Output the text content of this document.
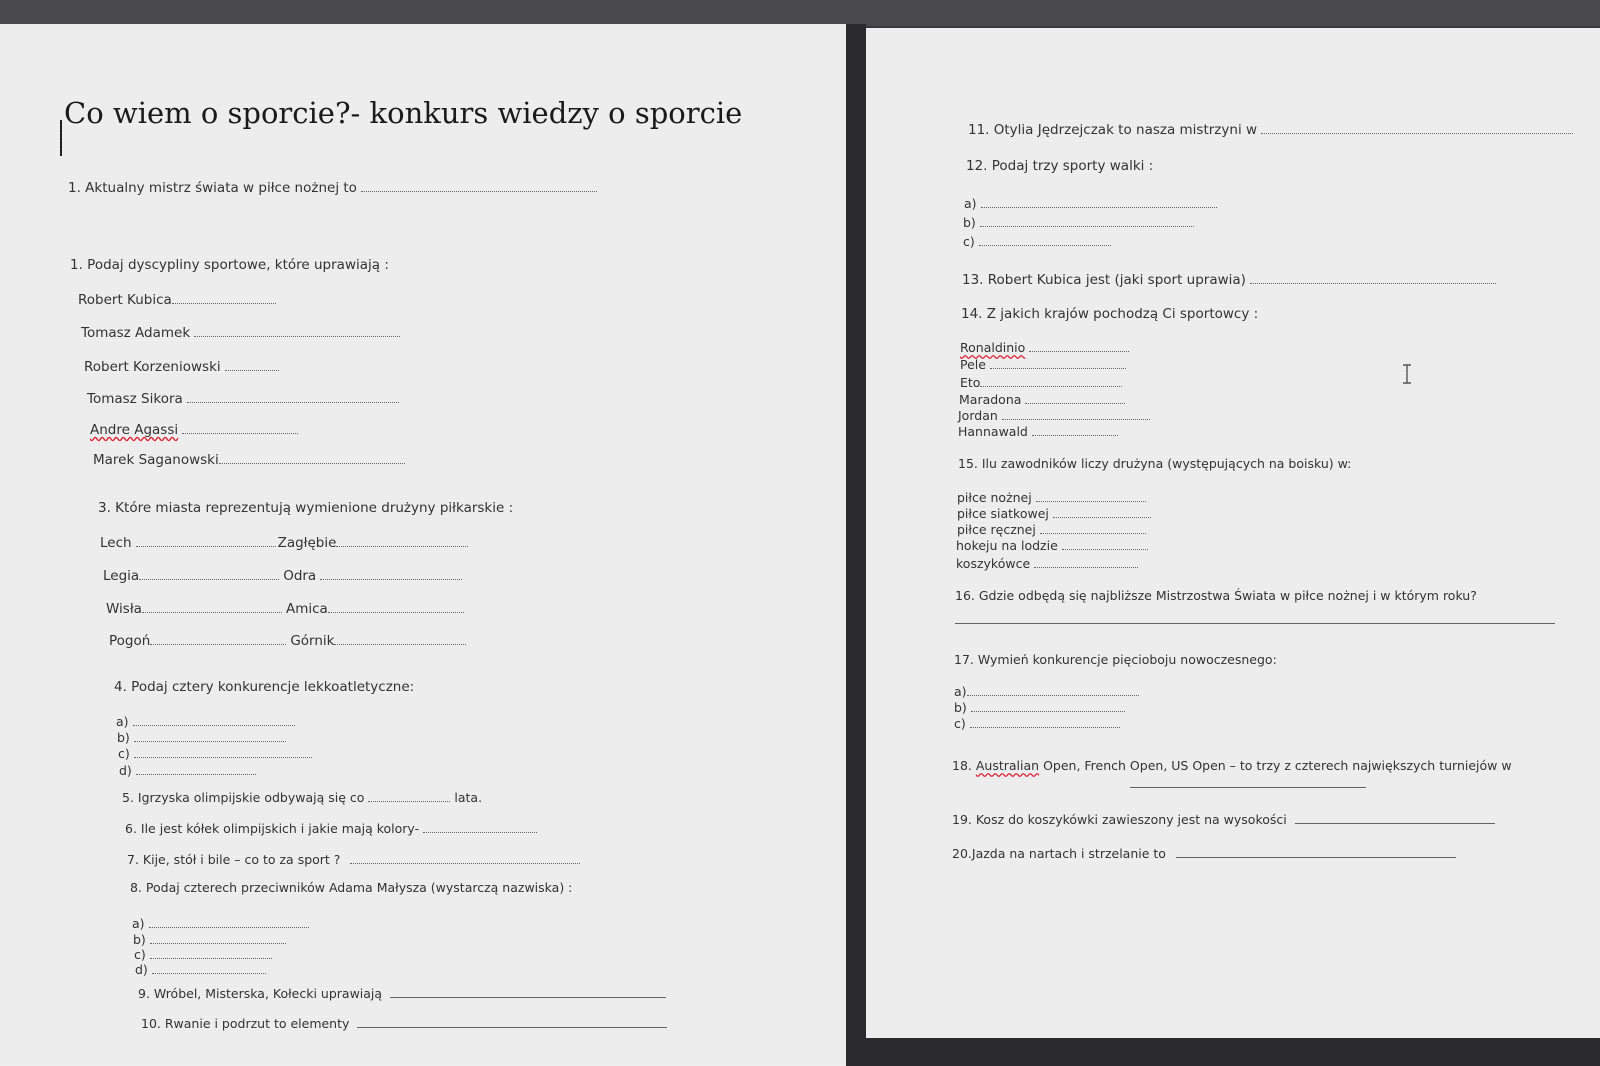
Co wiem o sporcie?- konkurs wiedzy o sporcie
1. Aktualny mistrz świata w piłce nożnej to
1. Podaj dyscypliny sportowe, które uprawiają :
Robert Kubica
Tomasz Adamek
Robert Korzeniowski
Tomasz Sikora
Andre Agassi
Marek Saganowski
3. Które miasta reprezentują wymienione drużyny piłkarskie :
Lech	Zagłębie
Legia	Odra
Wisła	Amica
Pogoń	Górnik
4. Podaj cztery konkurencje lekkoatletyczne:
a)
b)
c)
d)
5. Igrzyska olimpijskie odbywają się co	lata.
6. Ile jest kółek olimpijskich i jakie mają kolory-
7. Kije, stół i bile – co to za sport ?
8. Podaj czterech przeciwników Adama Małysza (wystarczą nazwiska) :
a)
b)
c)
d)
9. Wróbel, Misterska, Kołecki uprawiają
10. Rwanie i podrzut to elementy
11. Otylia Jędrzejczak to nasza mistrzyni w
12. Podaj trzy sporty walki :
a)
b)
c)
13. Robert Kubica jest (jaki sport uprawia)
14. Z jakich krajów pochodzą Ci sportowcy :
Ronaldinio
Pele
Eto
Maradona
Jordan
Hannawald
15. Ilu zawodników liczy drużyna (występujących na boisku) w:
piłce nożnej
piłce siatkowej
piłce ręcznej
hokeju na lodzie
koszykówce
16. Gdzie odbędą się najbliższe Mistrzostwa Świata w piłce nożnej i w którym roku?
17. Wymień konkurencje pięcioboju nowoczesnego:
a)
b)
c)
18. Australian Open, French Open, US Open – to trzy z czterech największych turniejów w
19. Kosz do koszykówki zawieszony jest na wysokości
20.Jazda na nartach i strzelanie to
